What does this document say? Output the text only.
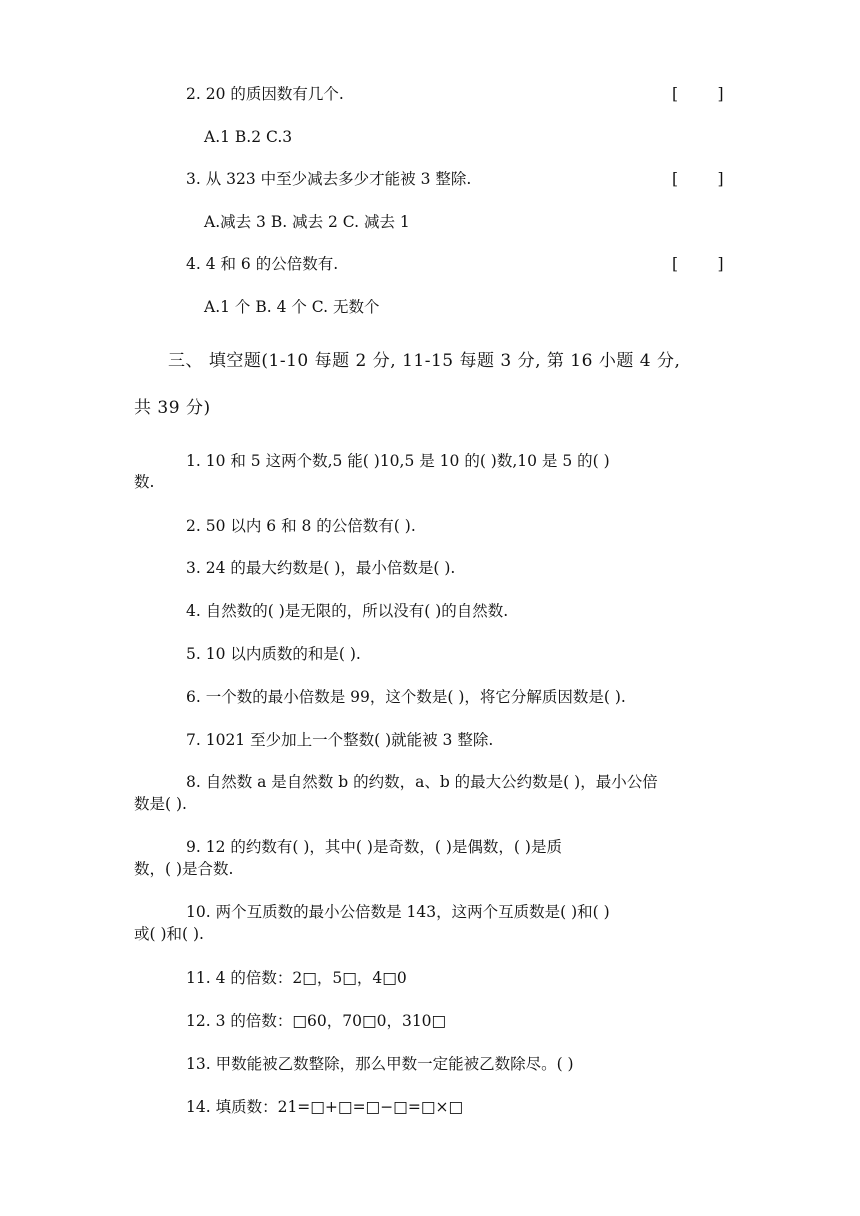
2. 20 的质因数有几个.	[        ]
A.1 B.2 C.3
3. 从 323 中至少减去多少才能被 3 整除.	[        ]
A.减去 3 B. 减去 2 C. 减去 1
4. 4 和 6 的公倍数有.	[        ]
A.1 个 B. 4 个 C. 无数个
三、 填空题(1-10 每题 2 分, 11-15 每题 3 分, 第 16 小题 4 分,
共 39 分)
1. 10 和 5 这两个数,5 能( )10,5 是 10 的( )数,10 是 5 的( )
数.
2. 50 以内 6 和 8 的公倍数有( ).
3. 24 的最大约数是( )，最小倍数是( ).
4. 自然数的( )是无限的，所以没有( )的自然数.
5. 10 以内质数的和是( ).
6. 一个数的最小倍数是 99，这个数是( )，将它分解质因数是( ).
7. 1021 至少加上一个整数( )就能被 3 整除.
8. 自然数 a 是自然数 b 的约数，a、b 的最大公约数是( )，最小公倍
数是( ).
9. 12 的约数有( )，其中( )是奇数，( )是偶数，( )是质
数，( )是合数.
10. 两个互质数的最小公倍数是 143，这两个互质数是( )和( )
或( )和( ).
11. 4 的倍数：2□，5□，4□0
12. 3 的倍数：□60，70□0，310□
13. 甲数能被乙数整除，那么甲数一定能被乙数除尽。( )
14. 填质数：21=□+□=□−□=□×□
